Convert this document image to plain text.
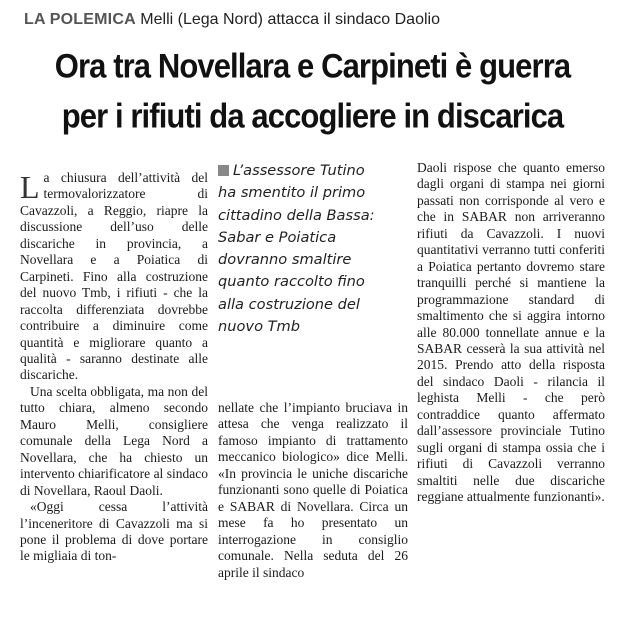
LA POLEMICA Melli (Lega Nord) attacca il sindaco Daolio
Ora tra Novellara e Carpineti è guerra
per i rifiuti da accogliere in discarica

La chiusura dell’attività del termovalorizzatore di Cavazzoli, a Reggio, riapre la discussione dell’uso delle discariche in provincia, a Novellara e a Poiatica di Carpineti. Fino alla costruzione del nuovo Tmb, i rifiuti - che la raccolta differenziata dovrebbe contribuire a diminuire come quantità e migliorare quanto a qualità - saranno destinate alle discariche.

Una scelta obbligata, ma non del tutto chiara, almeno secondo Mauro Melli, consigliere comunale della Lega Nord a Novellara, che ha chiesto un intervento chiarificatore al sindaco di Novellara, Raoul Daoli.

«Oggi cessa l’attività l’inceneritore di Cavazzoli ma si pone il problema di dove portare le migliaia di ton-

L’assessore Tutino
ha smentito il primo
cittadino della Bassa:
Sabar e Poiatica
dovranno smaltire
quanto raccolto fino
alla costruzione del
nuovo Tmb

nellate che l’impianto bruciava in attesa che venga realizzato il famoso impianto di trattamento meccanico biologico» dice Melli. «In provincia le uniche discariche funzionanti sono quelle di Poiatica e SABAR di Novellara. Circa un mese fa ho presentato un interrogazione in consiglio comunale. Nella seduta del 26 aprile il sindaco

Daoli rispose che quanto emerso dagli organi di stampa nei giorni passati non corrisponde al vero e che in SABAR non arriveranno rifiuti da Cavazzoli. I nuovi quantitativi verranno tutti conferiti a Poiatica pertanto dovremo stare tranquilli perché si mantiene la programmazione standard di smaltimento che si aggira intorno alle 80.000 tonnellate annue e la SABAR cesserà la sua attività nel 2015. Prendo atto della risposta del sindaco Daoli - rilancia il leghista Melli - che però contraddice quanto affermato dall’assessore provinciale Tutino sugli organi di stampa ossia che i rifiuti di Cavazzoli verranno smaltiti nelle due discariche reggiane attualmente funzionanti».
